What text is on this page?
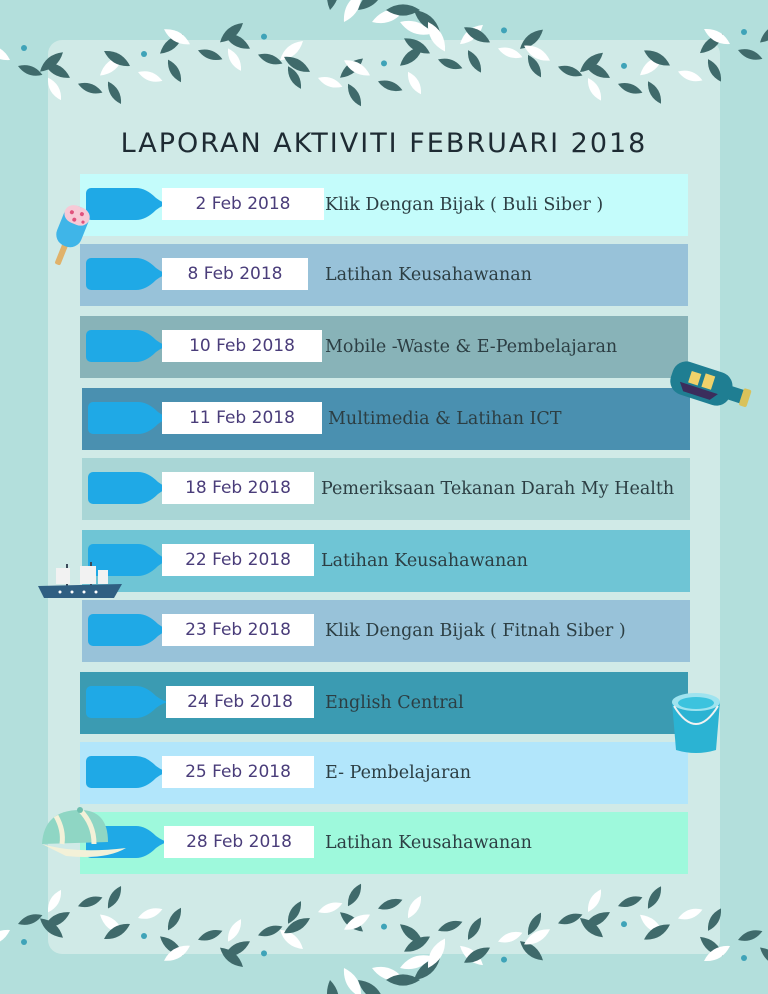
LAPORAN AKTIVITI FEBRUARI 2018
2 Feb 2018	Klik Dengan Bijak ( Buli Siber )
8 Feb 2018	Latihan Keusahawanan
10 Feb 2018	Mobile -Waste & E-Pembelajaran
11 Feb 2018	Multimedia & Latihan ICT
18 Feb 2018	Pemeriksaan Tekanan Darah My Health
22 Feb 2018	Latihan Keusahawanan
23 Feb 2018	Klik Dengan Bijak ( Fitnah Siber )
24 Feb 2018	English Central
25 Feb 2018	E- Pembelajaran
28 Feb 2018	Latihan Keusahawanan
